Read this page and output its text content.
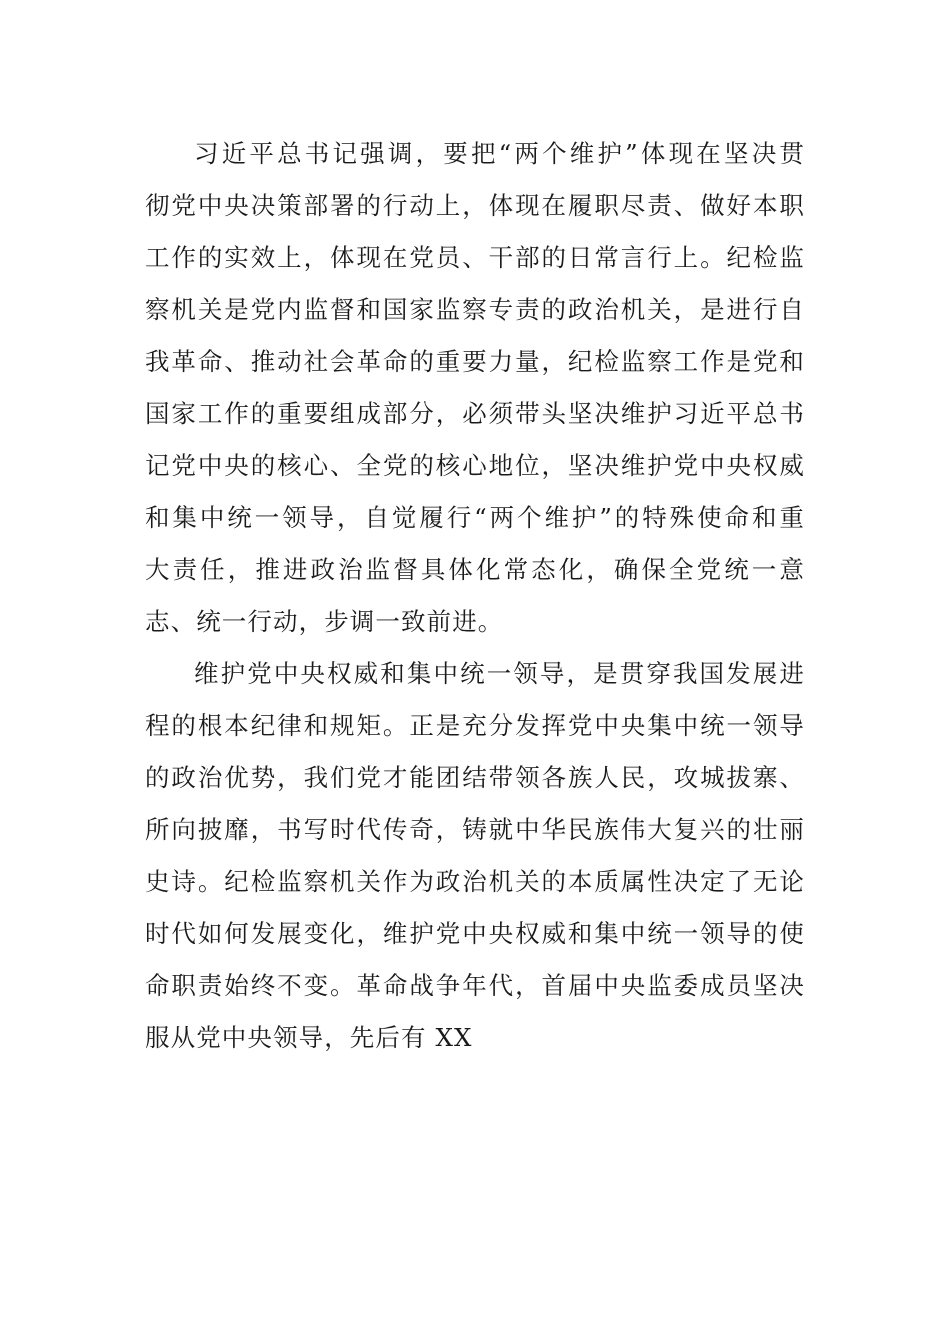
习近平总书记强调，要把“两个维护”体现在坚决贯
彻党中央决策部署的行动上，体现在履职尽责、做好本职
工作的实效上，体现在党员、干部的日常言行上。纪检监
察机关是党内监督和国家监察专责的政治机关，是进行自
我革命、推动社会革命的重要力量，纪检监察工作是党和
国家工作的重要组成部分，必须带头坚决维护习近平总书
记党中央的核心、全党的核心地位，坚决维护党中央权威
和集中统一领导，自觉履行“两个维护”的特殊使命和重
大责任，推进政治监督具体化常态化，确保全党统一意
志、统一行动，步调一致前进。
维护党中央权威和集中统一领导，是贯穿我国发展进
程的根本纪律和规矩。正是充分发挥党中央集中统一领导
的政治优势，我们党才能团结带领各族人民，攻城拔寨、
所向披靡，书写时代传奇，铸就中华民族伟大复兴的壮丽
史诗。纪检监察机关作为政治机关的本质属性决定了无论
时代如何发展变化，维护党中央权威和集中统一领导的使
命职责始终不变。革命战争年代，首届中央监委成员坚决
服从党中央领导，先后有 XX
